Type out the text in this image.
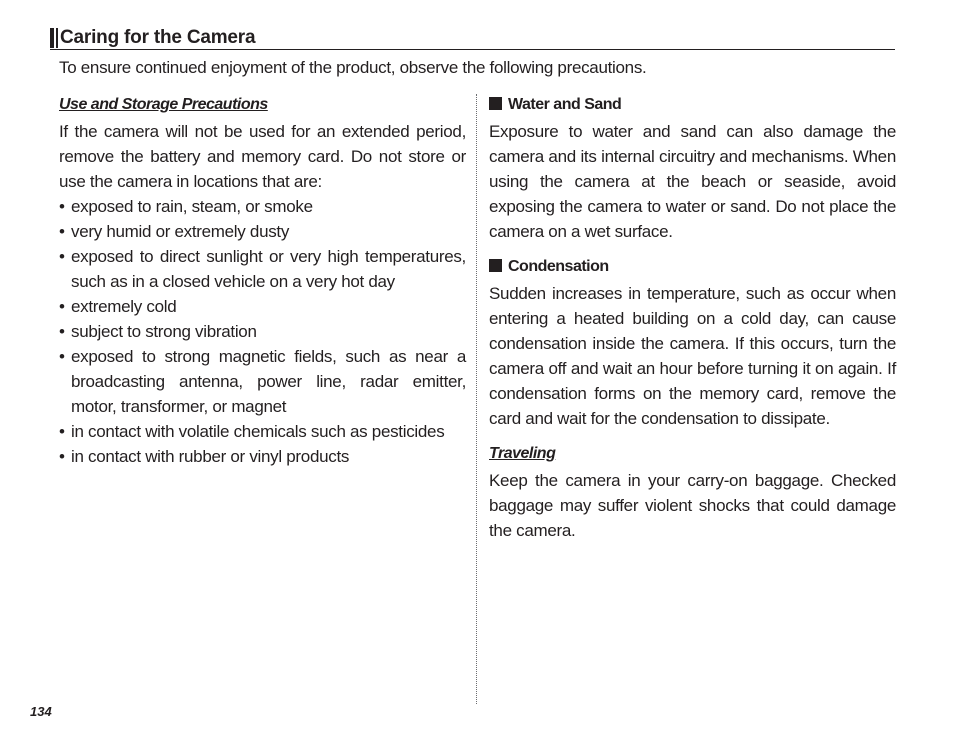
Caring for the Camera

To ensure continued enjoyment of the product, observe the following precautions.

Use and Storage Precautions

If the camera will not be used for an extended period, remove the battery and memory card. Do not store or use the camera in locations that are:

• exposed to rain, steam, or smoke
• very humid or extremely dusty
• exposed to direct sunlight or very high temperatures, such as in a closed vehicle on a very hot day
• extremely cold
• subject to strong vibration
• exposed to strong magnetic fields, such as near a broadcasting antenna, power line, radar emitter, motor, transformer, or magnet
• in contact with volatile chemicals such as pesticides
• in contact with rubber or vinyl products
Water and Sand

Exposure to water and sand can also damage the camera and its internal circuitry and mechanisms. When using the camera at the beach or seaside, avoid exposing the camera to water or sand. Do not place the camera on a wet surface.

Condensation

Sudden increases in temperature, such as occur when entering a heated building on a cold day, can cause condensation inside the camera. If this occurs, turn the camera off and wait an hour before turning it on again. If condensation forms on the memory card, remove the card and wait for the condensation to dissipate.

Traveling

Keep the camera in your carry-on baggage. Checked baggage may suffer violent shocks that could damage the camera.

134
